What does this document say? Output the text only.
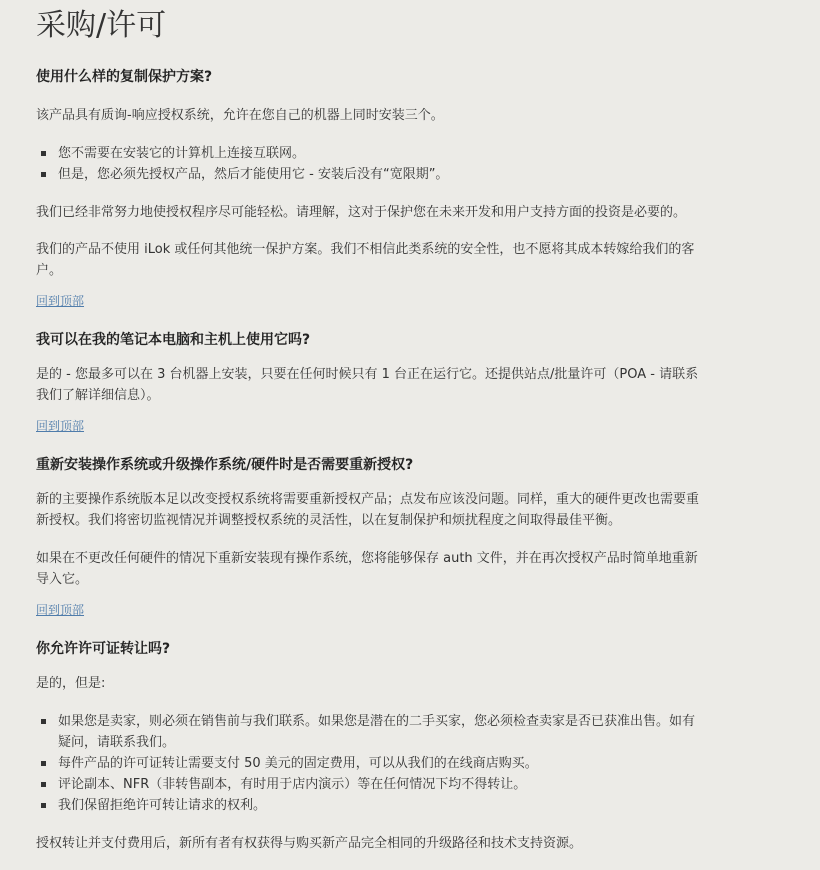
采购/许可
使用什么样的复制保护方案?

该产品具有质询-响应授权系统，允许在您自己的机器上同时安装三个。

您不需要在安装它的计算机上连接互联网。
但是，您必须先授权产品，然后才能使用它 - 安装后没有“宽限期”。

我们已经非常努力地使授权程序尽可能轻松。请理解，这对于保护您在未来开发和用户支持方面的投资是必要的。

我们的产品不使用 iLok 或任何其他统一保护方案。我们不相信此类系统的安全性，也不愿将其成本转嫁给我们的客
户。

回到顶部
我可以在我的笔记本电脑和主机上使用它吗?

是的 - 您最多可以在 3 台机器上安装，只要在任何时候只有 1 台正在运行它。还提供站点/批量许可（POA - 请联系
我们了解详细信息）。

回到顶部
重新安装操作系统或升级操作系统/硬件时是否需要重新授权?

新的主要操作系统版本足以改变授权系统将需要重新授权产品；点发布应该没问题。同样，重大的硬件更改也需要重
新授权。我们将密切监视情况并调整授权系统的灵活性，以在复制保护和烦扰程度之间取得最佳平衡。

如果在不更改任何硬件的情况下重新安装现有操作系统，您将能够保存 auth 文件，并在再次授权产品时简单地重新
导入它。

回到顶部
你允许许可证转让吗?

是的，但是:

如果您是卖家，则必须在销售前与我们联系。如果您是潜在的二手买家，您必须检查卖家是否已获准出售。如有
疑问，请联系我们。
每件产品的许可证转让需要支付 50 美元的固定费用，可以从我们的在线商店购买。
评论副本、NFR（非转售副本，有时用于店内演示）等在任何情况下均不得转让。
我们保留拒绝许可转让请求的权利。

授权转让并支付费用后，新所有者有权获得与购买新产品完全相同的升级路径和技术支持资源。
